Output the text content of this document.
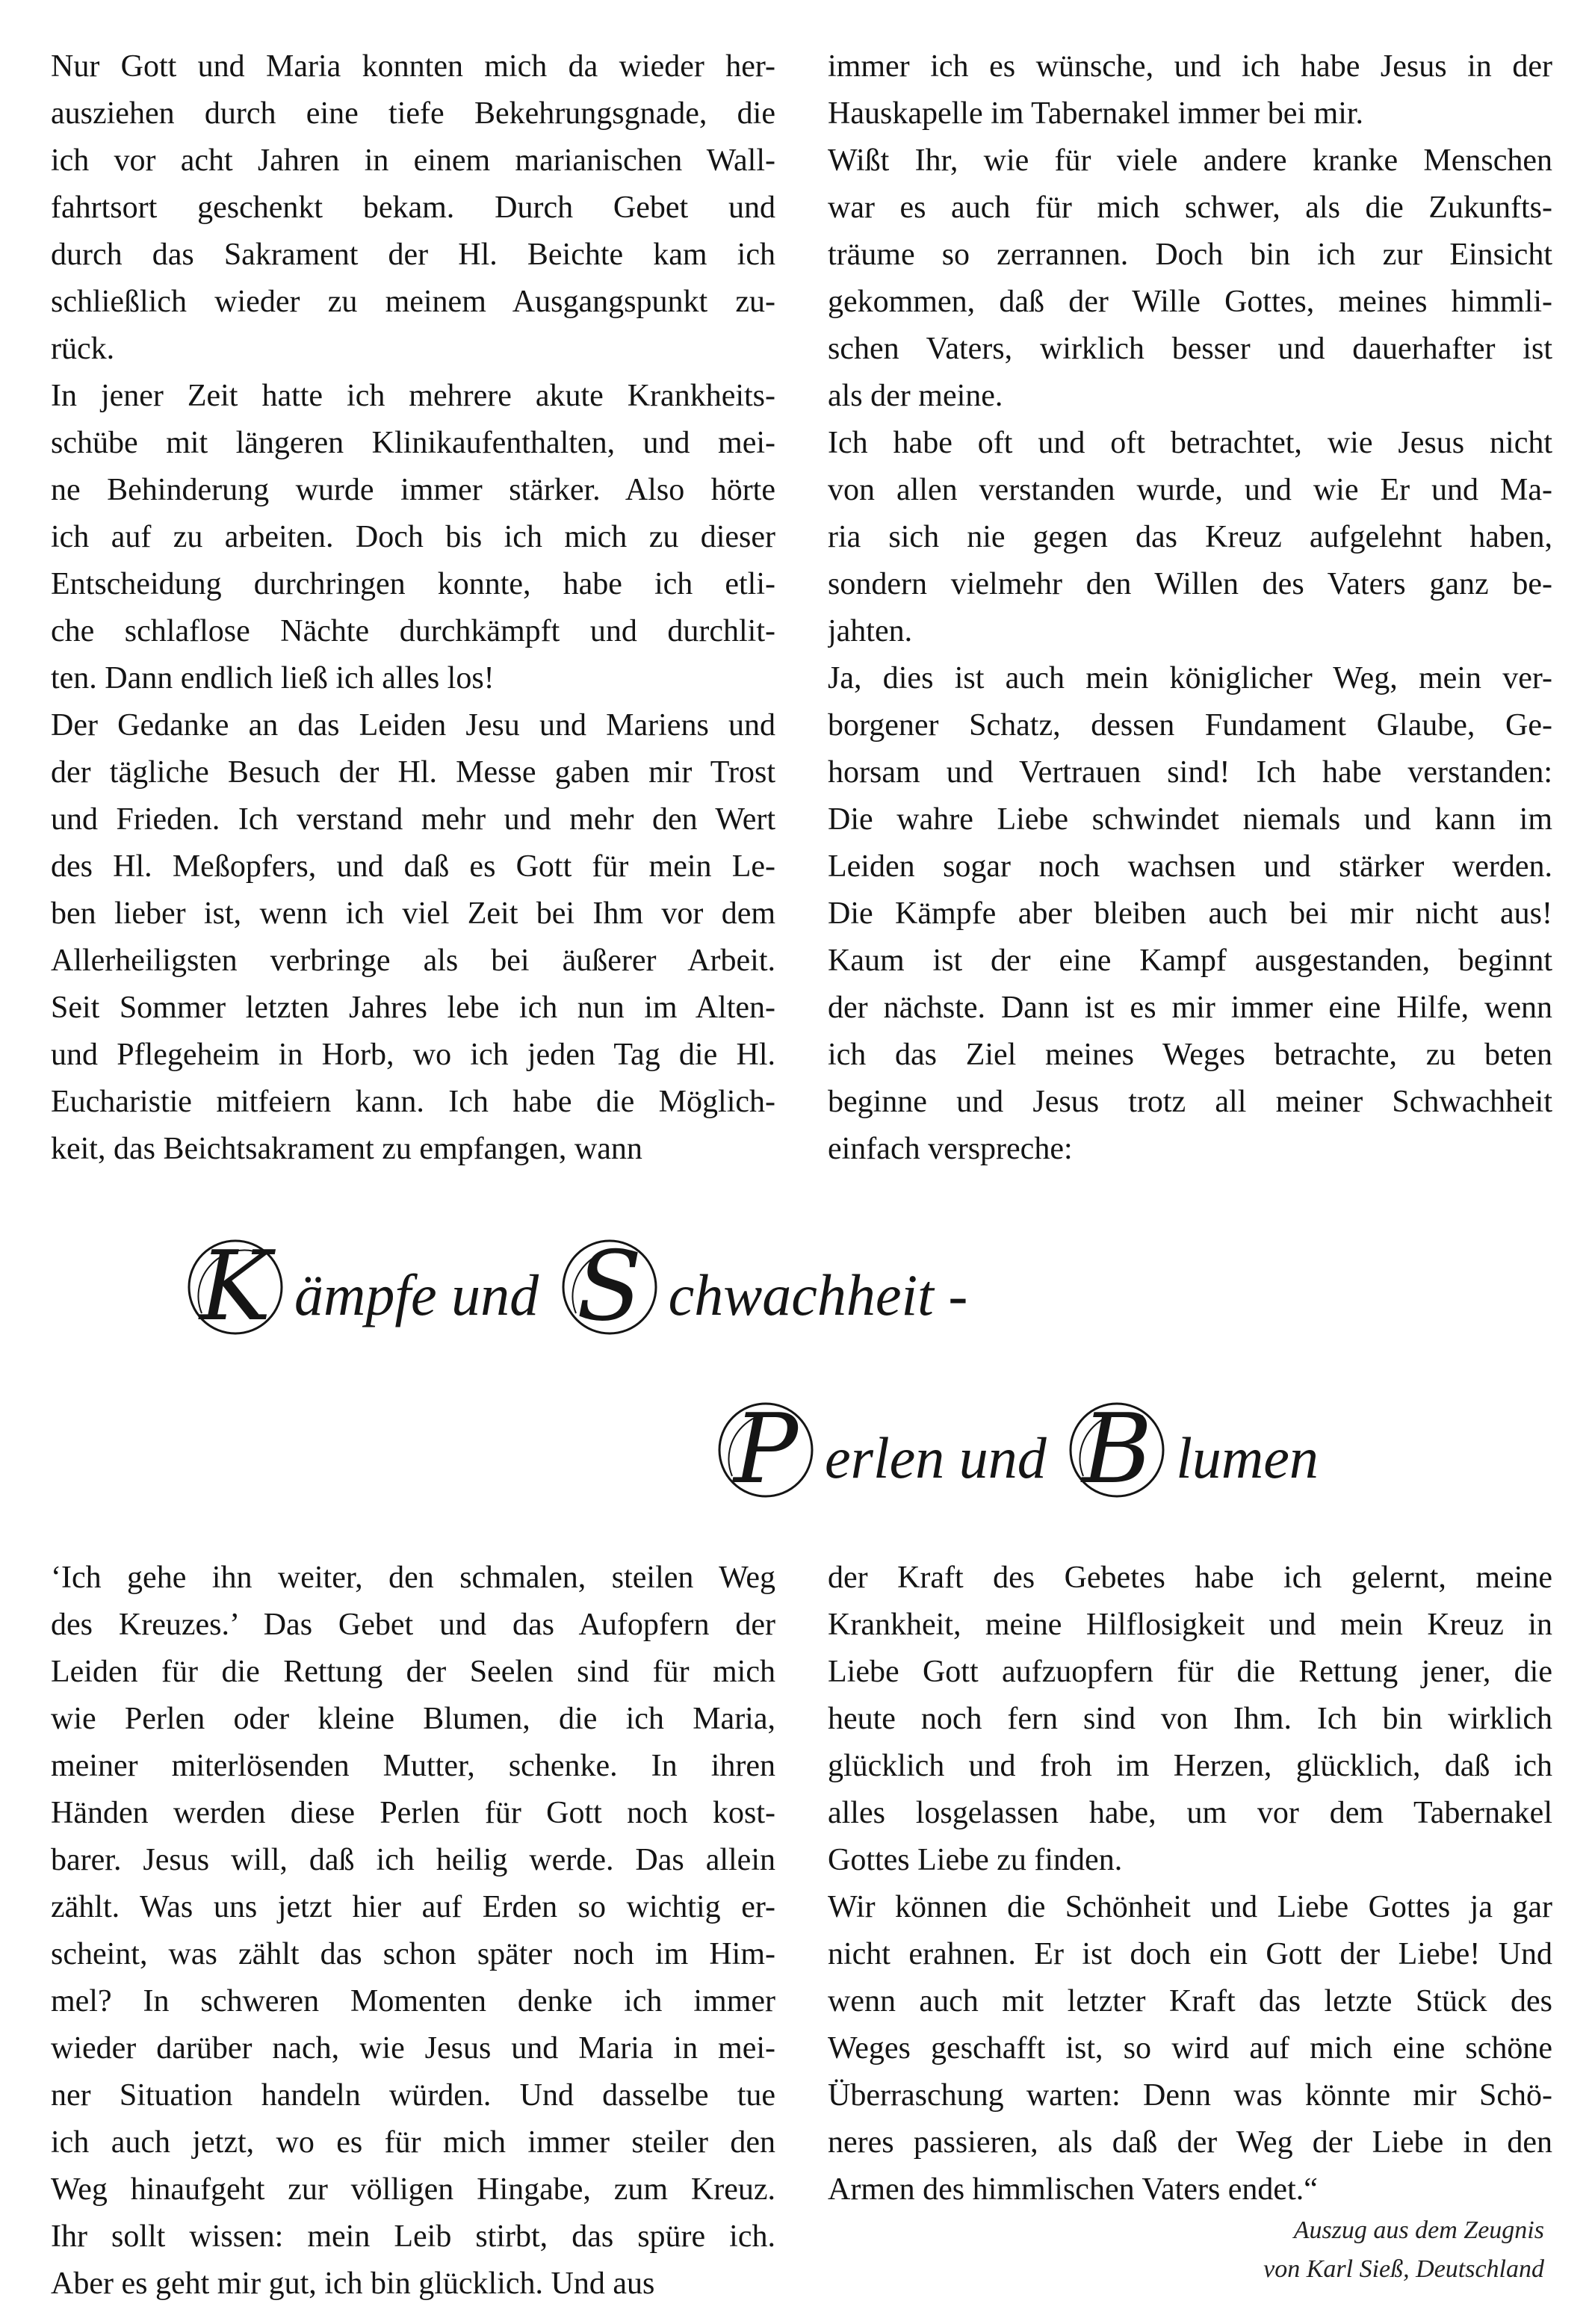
Nur Gott und Maria konnten mich da wieder her-
ausziehen durch eine tiefe Bekehrungsgnade, die
ich vor acht Jahren in einem marianischen Wall-
fahrtsort geschenkt bekam. Durch Gebet und
durch das Sakrament der Hl. Beichte kam ich
schließlich wieder zu meinem Ausgangspunkt zu-
rück.
In jener Zeit hatte ich mehrere akute Krankheits-
schübe mit längeren Klinikaufenthalten, und mei-
ne Behinderung wurde immer stärker. Also hörte
ich auf zu arbeiten. Doch bis ich mich zu dieser
Entscheidung durchringen konnte, habe ich etli-
che schlaflose Nächte durchkämpft und durchlit-
ten. Dann endlich ließ ich alles los!
Der Gedanke an das Leiden Jesu und Mariens und
der tägliche Besuch der Hl. Messe gaben mir Trost
und Frieden. Ich verstand mehr und mehr den Wert
des Hl. Meßopfers, und daß es Gott für mein Le-
ben lieber ist, wenn ich viel Zeit bei Ihm vor dem
Allerheiligsten verbringe als bei äußerer Arbeit.
Seit Sommer letzten Jahres lebe ich nun im Alten-
und Pflegeheim in Horb, wo ich jeden Tag die Hl.
Eucharistie mitfeiern kann. Ich habe die Möglich-
keit, das Beichtsakrament zu empfangen, wann
immer ich es wünsche, und ich habe Jesus in der
Hauskapelle im Tabernakel immer bei mir.
Wißt Ihr, wie für viele andere kranke Menschen
war es auch für mich schwer, als die Zukunfts-
träume so zerrannen. Doch bin ich zur Einsicht
gekommen, daß der Wille Gottes, meines himmli-
schen Vaters, wirklich besser und dauerhafter ist
als der meine.
Ich habe oft und oft betrachtet, wie Jesus nicht
von allen verstanden wurde, und wie Er und Ma-
ria sich nie gegen das Kreuz aufgelehnt haben,
sondern vielmehr den Willen des Vaters ganz be-
jahten.
Ja, dies ist auch mein königlicher Weg, mein ver-
borgener Schatz, dessen Fundament Glaube, Ge-
horsam und Vertrauen sind! Ich habe verstanden:
Die wahre Liebe schwindet niemals und kann im
Leiden sogar noch wachsen und stärker werden.
Die Kämpfe aber bleiben auch bei mir nicht aus!
Kaum ist der eine Kampf ausgestanden, beginnt
der nächste. Dann ist es mir immer eine Hilfe, wenn
ich das Ziel meines Weges betrachte, zu beten
beginne und Jesus trotz all meiner Schwachheit
einfach verspreche:
K ämpfe und S chwachheit -
P erlen und B lumen
‘Ich gehe ihn weiter, den schmalen, steilen Weg
des Kreuzes.’ Das Gebet und das Aufopfern der
Leiden für die Rettung der Seelen sind für mich
wie Perlen oder kleine Blumen, die ich Maria,
meiner miterlösenden Mutter, schenke. In ihren
Händen werden diese Perlen für Gott noch kost-
barer. Jesus will, daß ich heilig werde. Das allein
zählt. Was uns jetzt hier auf Erden so wichtig er-
scheint, was zählt das schon später noch im Him-
mel? In schweren Momenten denke ich immer
wieder darüber nach, wie Jesus und Maria in mei-
ner Situation handeln würden. Und dasselbe tue
ich auch jetzt, wo es für mich immer steiler den
Weg hinaufgeht zur völligen Hingabe, zum Kreuz.
Ihr sollt wissen: mein Leib stirbt, das spüre ich.
Aber es geht mir gut, ich bin glücklich. Und aus
der Kraft des Gebetes habe ich gelernt, meine
Krankheit, meine Hilflosigkeit und mein Kreuz in
Liebe Gott aufzuopfern für die Rettung jener, die
heute noch fern sind von Ihm. Ich bin wirklich
glücklich und froh im Herzen, glücklich, daß ich
alles losgelassen habe, um vor dem Tabernakel
Gottes Liebe zu finden.
Wir können die Schönheit und Liebe Gottes ja gar
nicht erahnen. Er ist doch ein Gott der Liebe! Und
wenn auch mit letzter Kraft das letzte Stück des
Weges geschafft ist, so wird auf mich eine schöne
Überraschung warten: Denn was könnte mir Schö-
neres passieren, als daß der Weg der Liebe in den
Armen des himmlischen Vaters endet.“
Auszug aus dem Zeugnis
von Karl Sieß, Deutschland
